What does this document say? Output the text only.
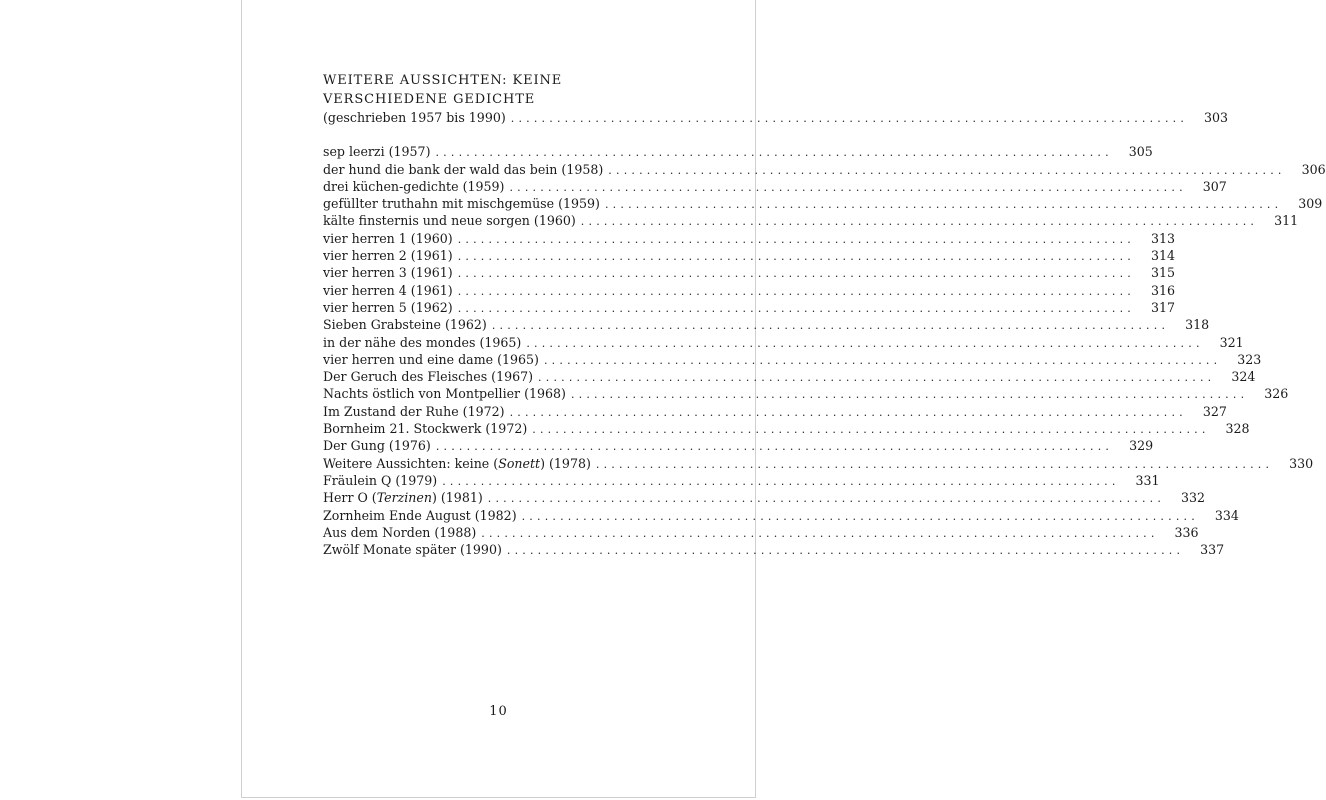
WEITERE AUSSICHTEN: KEINE
VERSCHIEDENE GEDICHTE
(geschrieben 1957 bis 1990) ........................................................................................	303
sep leerzi (1957) ........................................................................................	305
der hund die bank der wald das bein (1958) ........................................................................................	306
drei küchen-gedichte (1959) ........................................................................................	307
gefüllter truthahn mit mischgemüse (1959) ........................................................................................	309
kälte finsternis und neue sorgen (1960) ........................................................................................	311
vier herren 1 (1960) ........................................................................................	313
vier herren 2 (1961) ........................................................................................	314
vier herren 3 (1961) ........................................................................................	315
vier herren 4 (1961) ........................................................................................	316
vier herren 5 (1962) ........................................................................................	317
Sieben Grabsteine (1962) ........................................................................................	318
in der nähe des mondes (1965) ........................................................................................	321
vier herren und eine dame (1965) ........................................................................................	323
Der Geruch des Fleisches (1967) ........................................................................................	324
Nachts östlich von Montpellier (1968) ........................................................................................	326
Im Zustand der Ruhe (1972) ........................................................................................	327
Bornheim 21. Stockwerk (1972) ........................................................................................	328
Der Gung (1976) ........................................................................................	329
Weitere Aussichten: keine (Sonett) (1978) ........................................................................................	330
Fräulein Q (1979) ........................................................................................	331
Herr O (Terzinen) (1981) ........................................................................................	332
Zornheim Ende August (1982) ........................................................................................	334
Aus dem Norden (1988) ........................................................................................	336
Zwölf Monate später (1990) ........................................................................................	337
10
